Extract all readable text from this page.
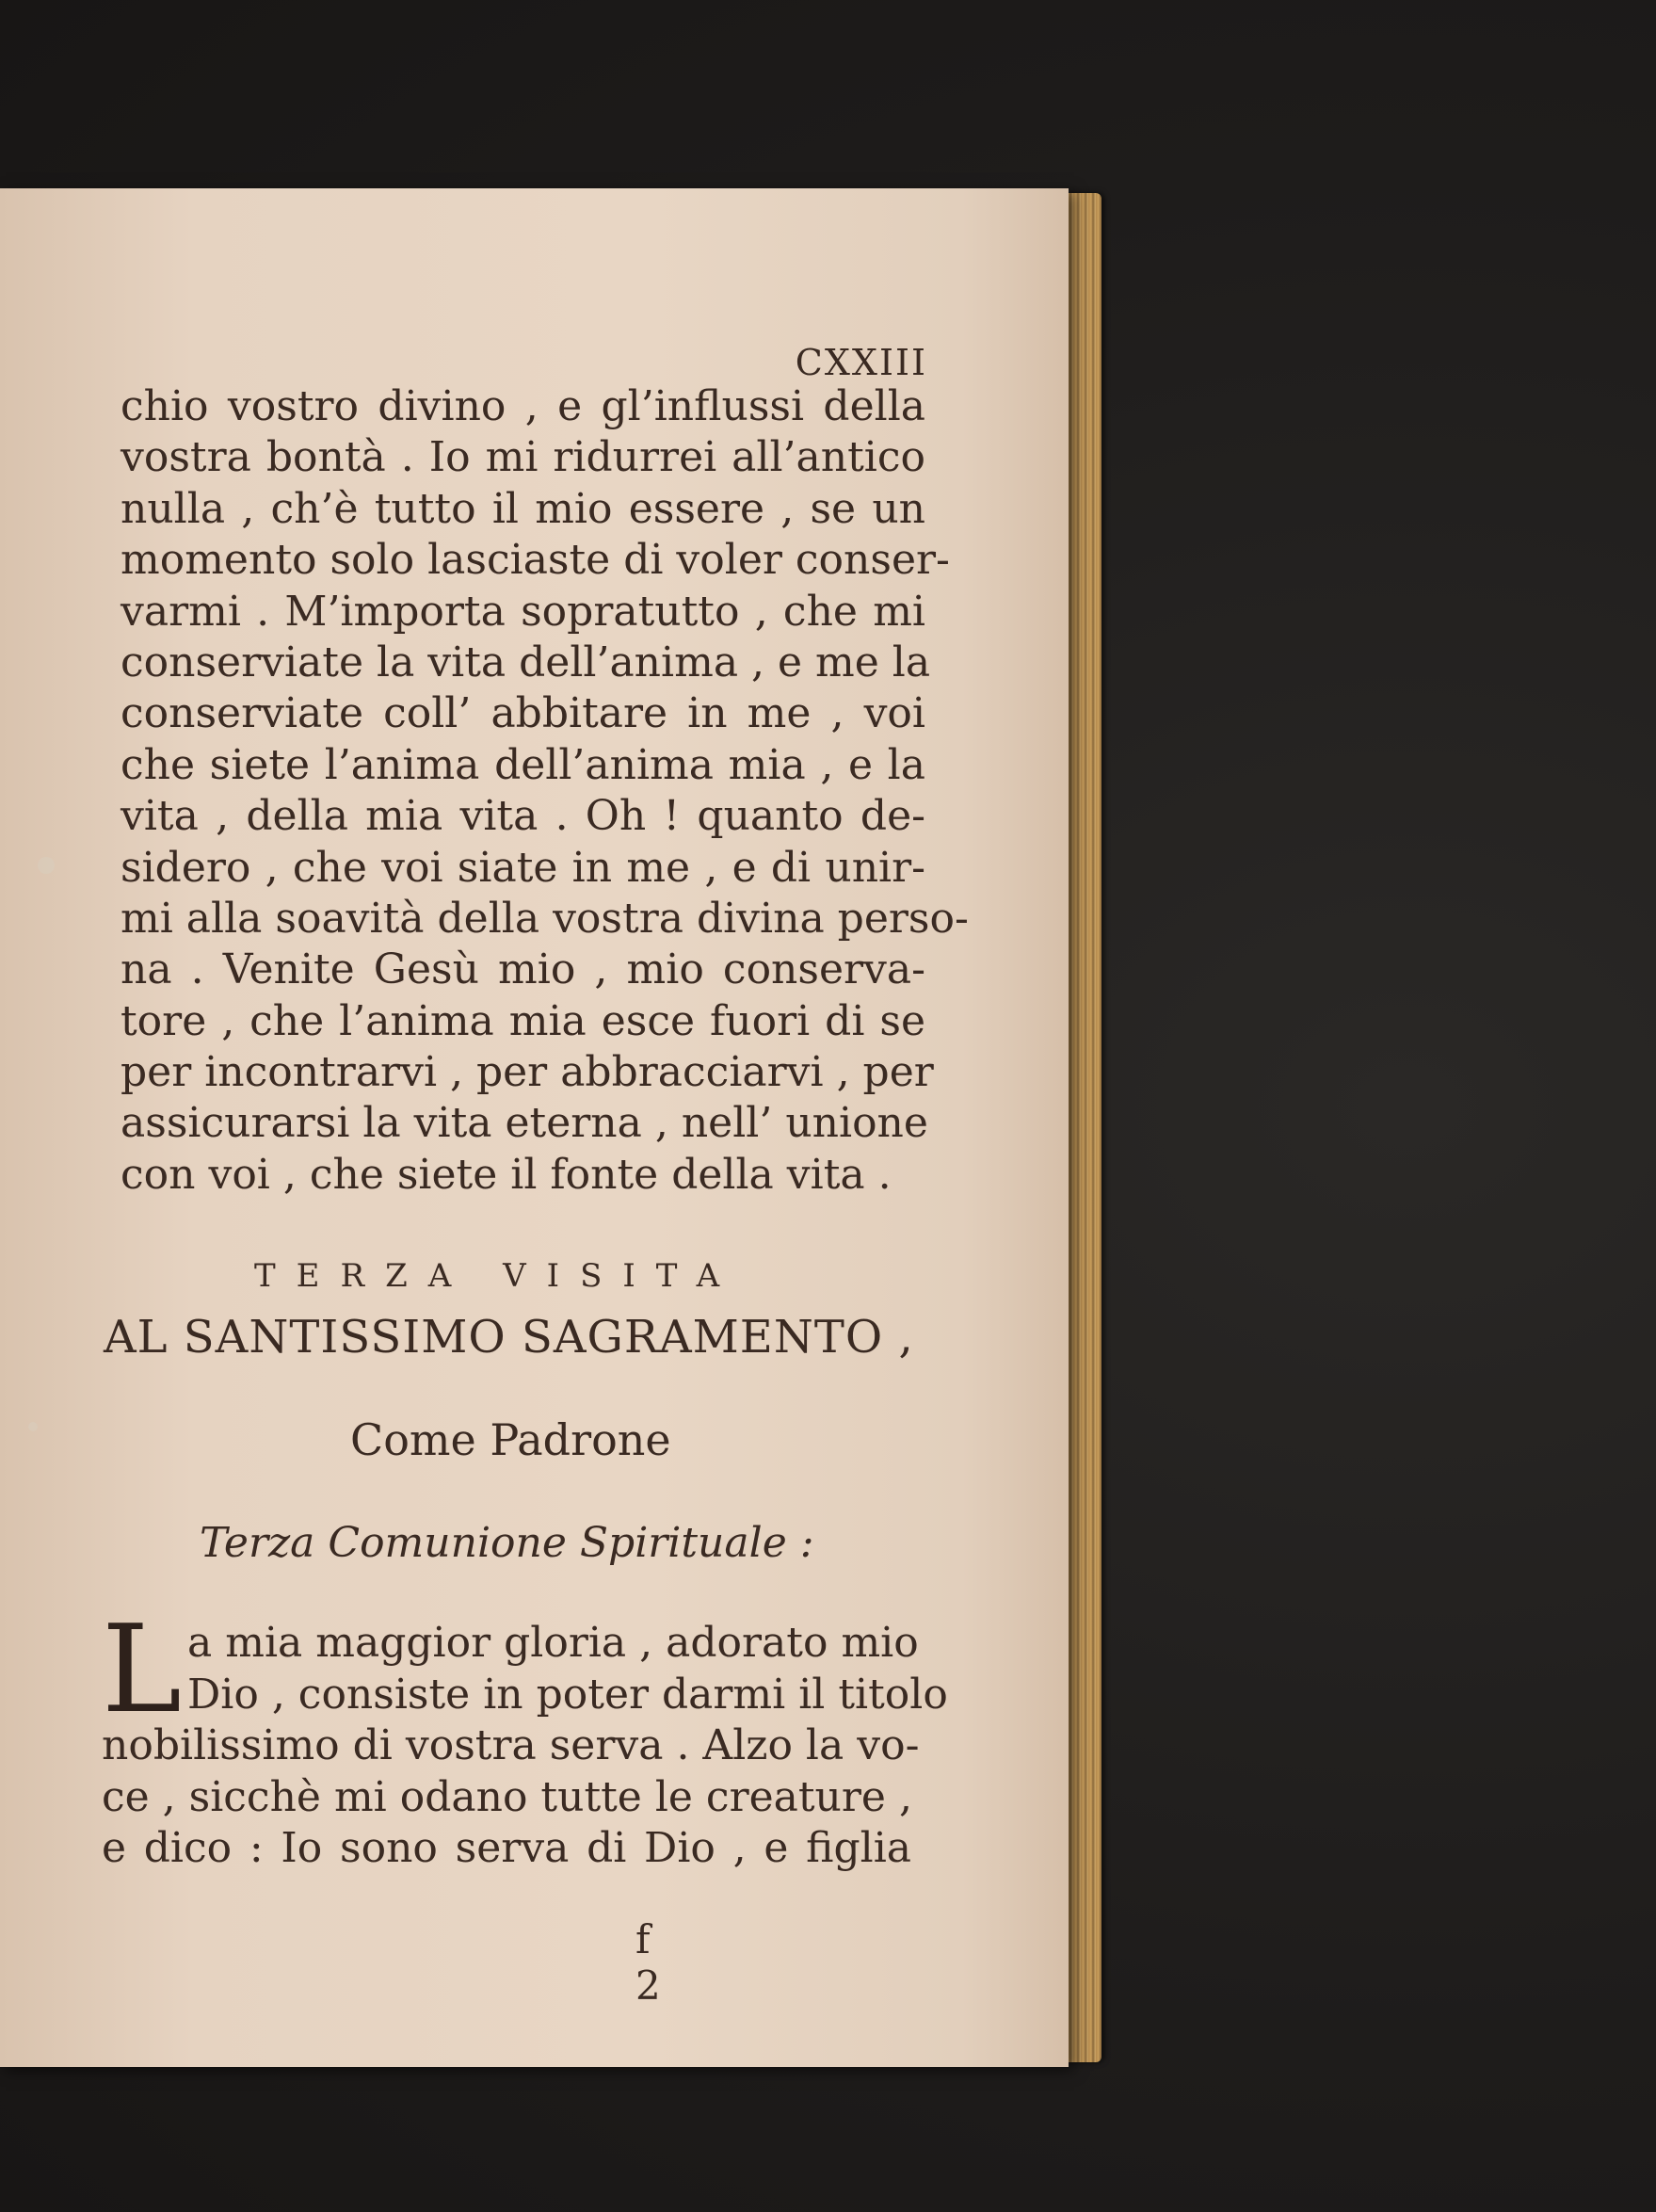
CXXIII
chio vostro divino , e gl’influssi della
vostra bontà . Io mi ridurrei all’antico
nulla , ch’è tutto il mio essere , se un
momento solo lasciaste di voler conser-
varmi . M’importa sopratutto , che mi
conserviate la vita dell’anima , e me la
conserviate coll’ abbitare in me , voi
che siete l’anima dell’anima mia , e la
vita , della mia vita . Oh ! quanto de-
sidero , che voi siate in me , e di unir-
mi alla soavità della vostra divina perso-
na . Venite Gesù mio , mio conserva-
tore , che l’anima mia esce fuori di se
per incontrarvi , per abbracciarvi , per
assicurarsi la vita eterna , nell’ unione
con voi , che siete il fonte della vita .
TERZA VISITA
AL SANTISSIMO SAGRAMENTO ,
Come Padrone
Terza Comunione Spirituale :
L a mia maggior gloria , adorato mio
Dio , consiste in poter darmi il titolo
nobilissimo di vostra serva . Alzo la vo-
ce , sicchè mi odano tutte le creature ,
e dico : Io sono serva di Dio , e figlia
f 2
